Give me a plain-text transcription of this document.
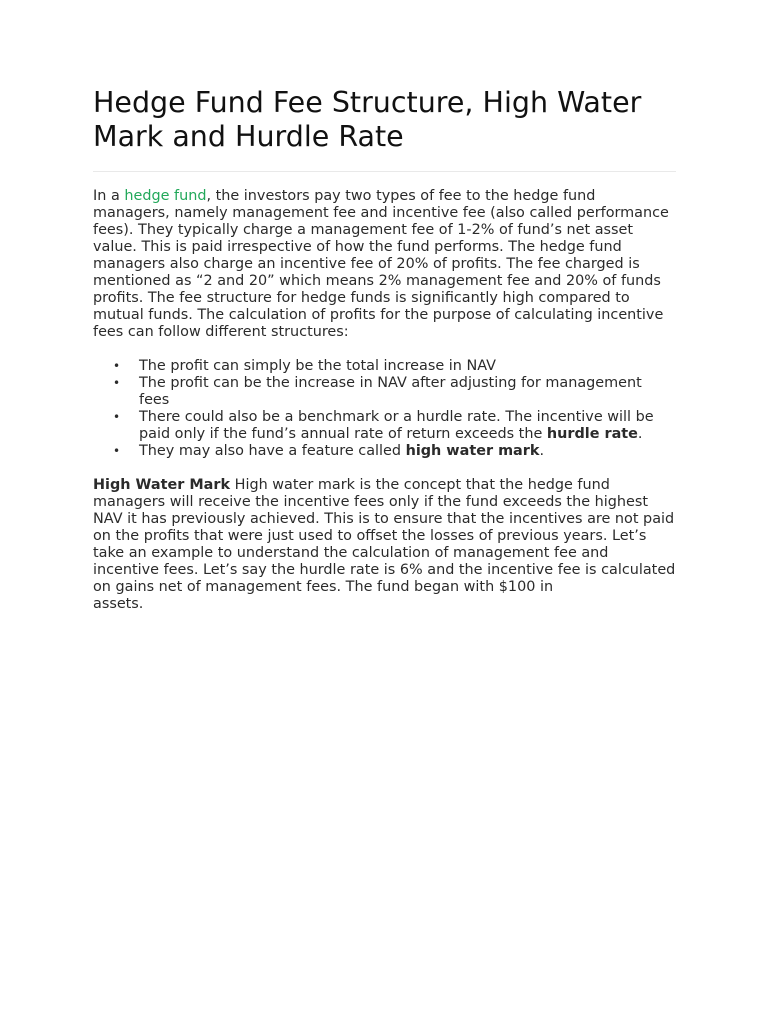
Hedge Fund Fee Structure, High Water Mark and Hurdle Rate

In a hedge fund, the investors pay two types of fee to the hedge fund managers, namely management fee and incentive fee (also called performance fees). They typically charge a management fee of 1-2% of fund’s net asset value. This is paid irrespective of how the fund performs. The hedge fund managers also charge an incentive fee of 20% of profits. The fee charged is mentioned as “2 and 20” which means 2% management fee and 20% of funds profits. The fee structure for hedge funds is significantly high compared to mutual funds. The calculation of profits for the purpose of calculating incentive fees can follow different structures:

• The profit can simply be the total increase in NAV
• The profit can be the increase in NAV after adjusting for management fees
• There could also be a benchmark or a hurdle rate. The incentive will be paid only if the fund’s annual rate of return exceeds the hurdle rate.
• They may also have a feature called high water mark.

High Water Mark High water mark is the concept that the hedge fund managers will receive the incentive fees only if the fund exceeds the highest NAV it has previously achieved. This is to ensure that the incentives are not paid on the profits that were just used to offset the losses of previous years. Let’s take an example to understand the calculation of management fee and incentive fees. Let’s say the hurdle rate is 6% and the incentive fee is calculated on gains net of management fees. The fund began with $100 in
assets.
